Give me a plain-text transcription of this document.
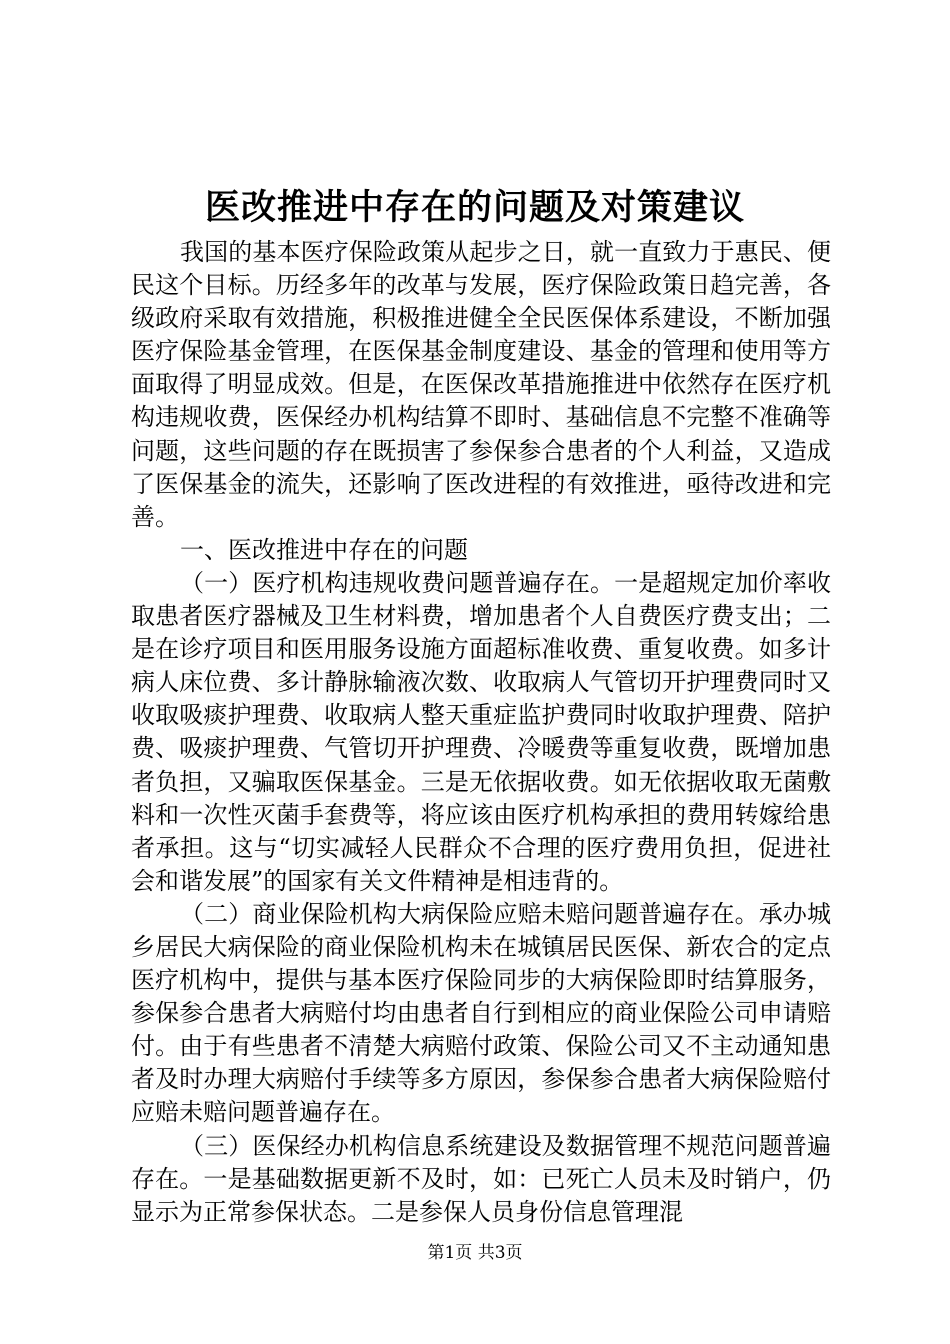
医改推进中存在的问题及对策建议

我国的基本医疗保险政策从起步之日，就一直致力于惠民、便民这个目标。历经多年的改革与发展，医疗保险政策日趋完善，各级政府采取有效措施，积极推进健全全民医保体系建设，不断加强医疗保险基金管理，在医保基金制度建设、基金的管理和使用等方面取得了明显成效。但是，在医保改革措施推进中依然存在医疗机构违规收费，医保经办机构结算不即时、基础信息不完整不准确等问题，这些问题的存在既损害了参保参合患者的个人利益，又造成了医保基金的流失，还影响了医改进程的有效推进，亟待改进和完善。

一、医改推进中存在的问题

（一）医疗机构违规收费问题普遍存在。一是超规定加价率收取患者医疗器械及卫生材料费，增加患者个人自费医疗费支出；二是在诊疗项目和医用服务设施方面超标准收费、重复收费。如多计病人床位费、多计静脉输液次数、收取病人气管切开护理费同时又收取吸痰护理费、收取病人整天重症监护费同时收取护理费、陪护费、吸痰护理费、气管切开护理费、冷暖费等重复收费，既增加患者负担，又骗取医保基金。三是无依据收费。如无依据收取无菌敷料和一次性灭菌手套费等，将应该由医疗机构承担的费用转嫁给患者承担。这与“切实减轻人民群众不合理的医疗费用负担，促进社会和谐发展”的国家有关文件精神是相违背的。

（二）商业保险机构大病保险应赔未赔问题普遍存在。承办城乡居民大病保险的商业保险机构未在城镇居民医保、新农合的定点医疗机构中，提供与基本医疗保险同步的大病保险即时结算服务，参保参合患者大病赔付均由患者自行到相应的商业保险公司申请赔付。由于有些患者不清楚大病赔付政策、保险公司又不主动通知患者及时办理大病赔付手续等多方原因，参保参合患者大病保险赔付应赔未赔问题普遍存在。

（三）医保经办机构信息系统建设及数据管理不规范问题普遍存在。一是基础数据更新不及时，如：已死亡人员未及时销户，仍显示为正常参保状态。二是参保人员身份信息管理混

第1页 共3页
